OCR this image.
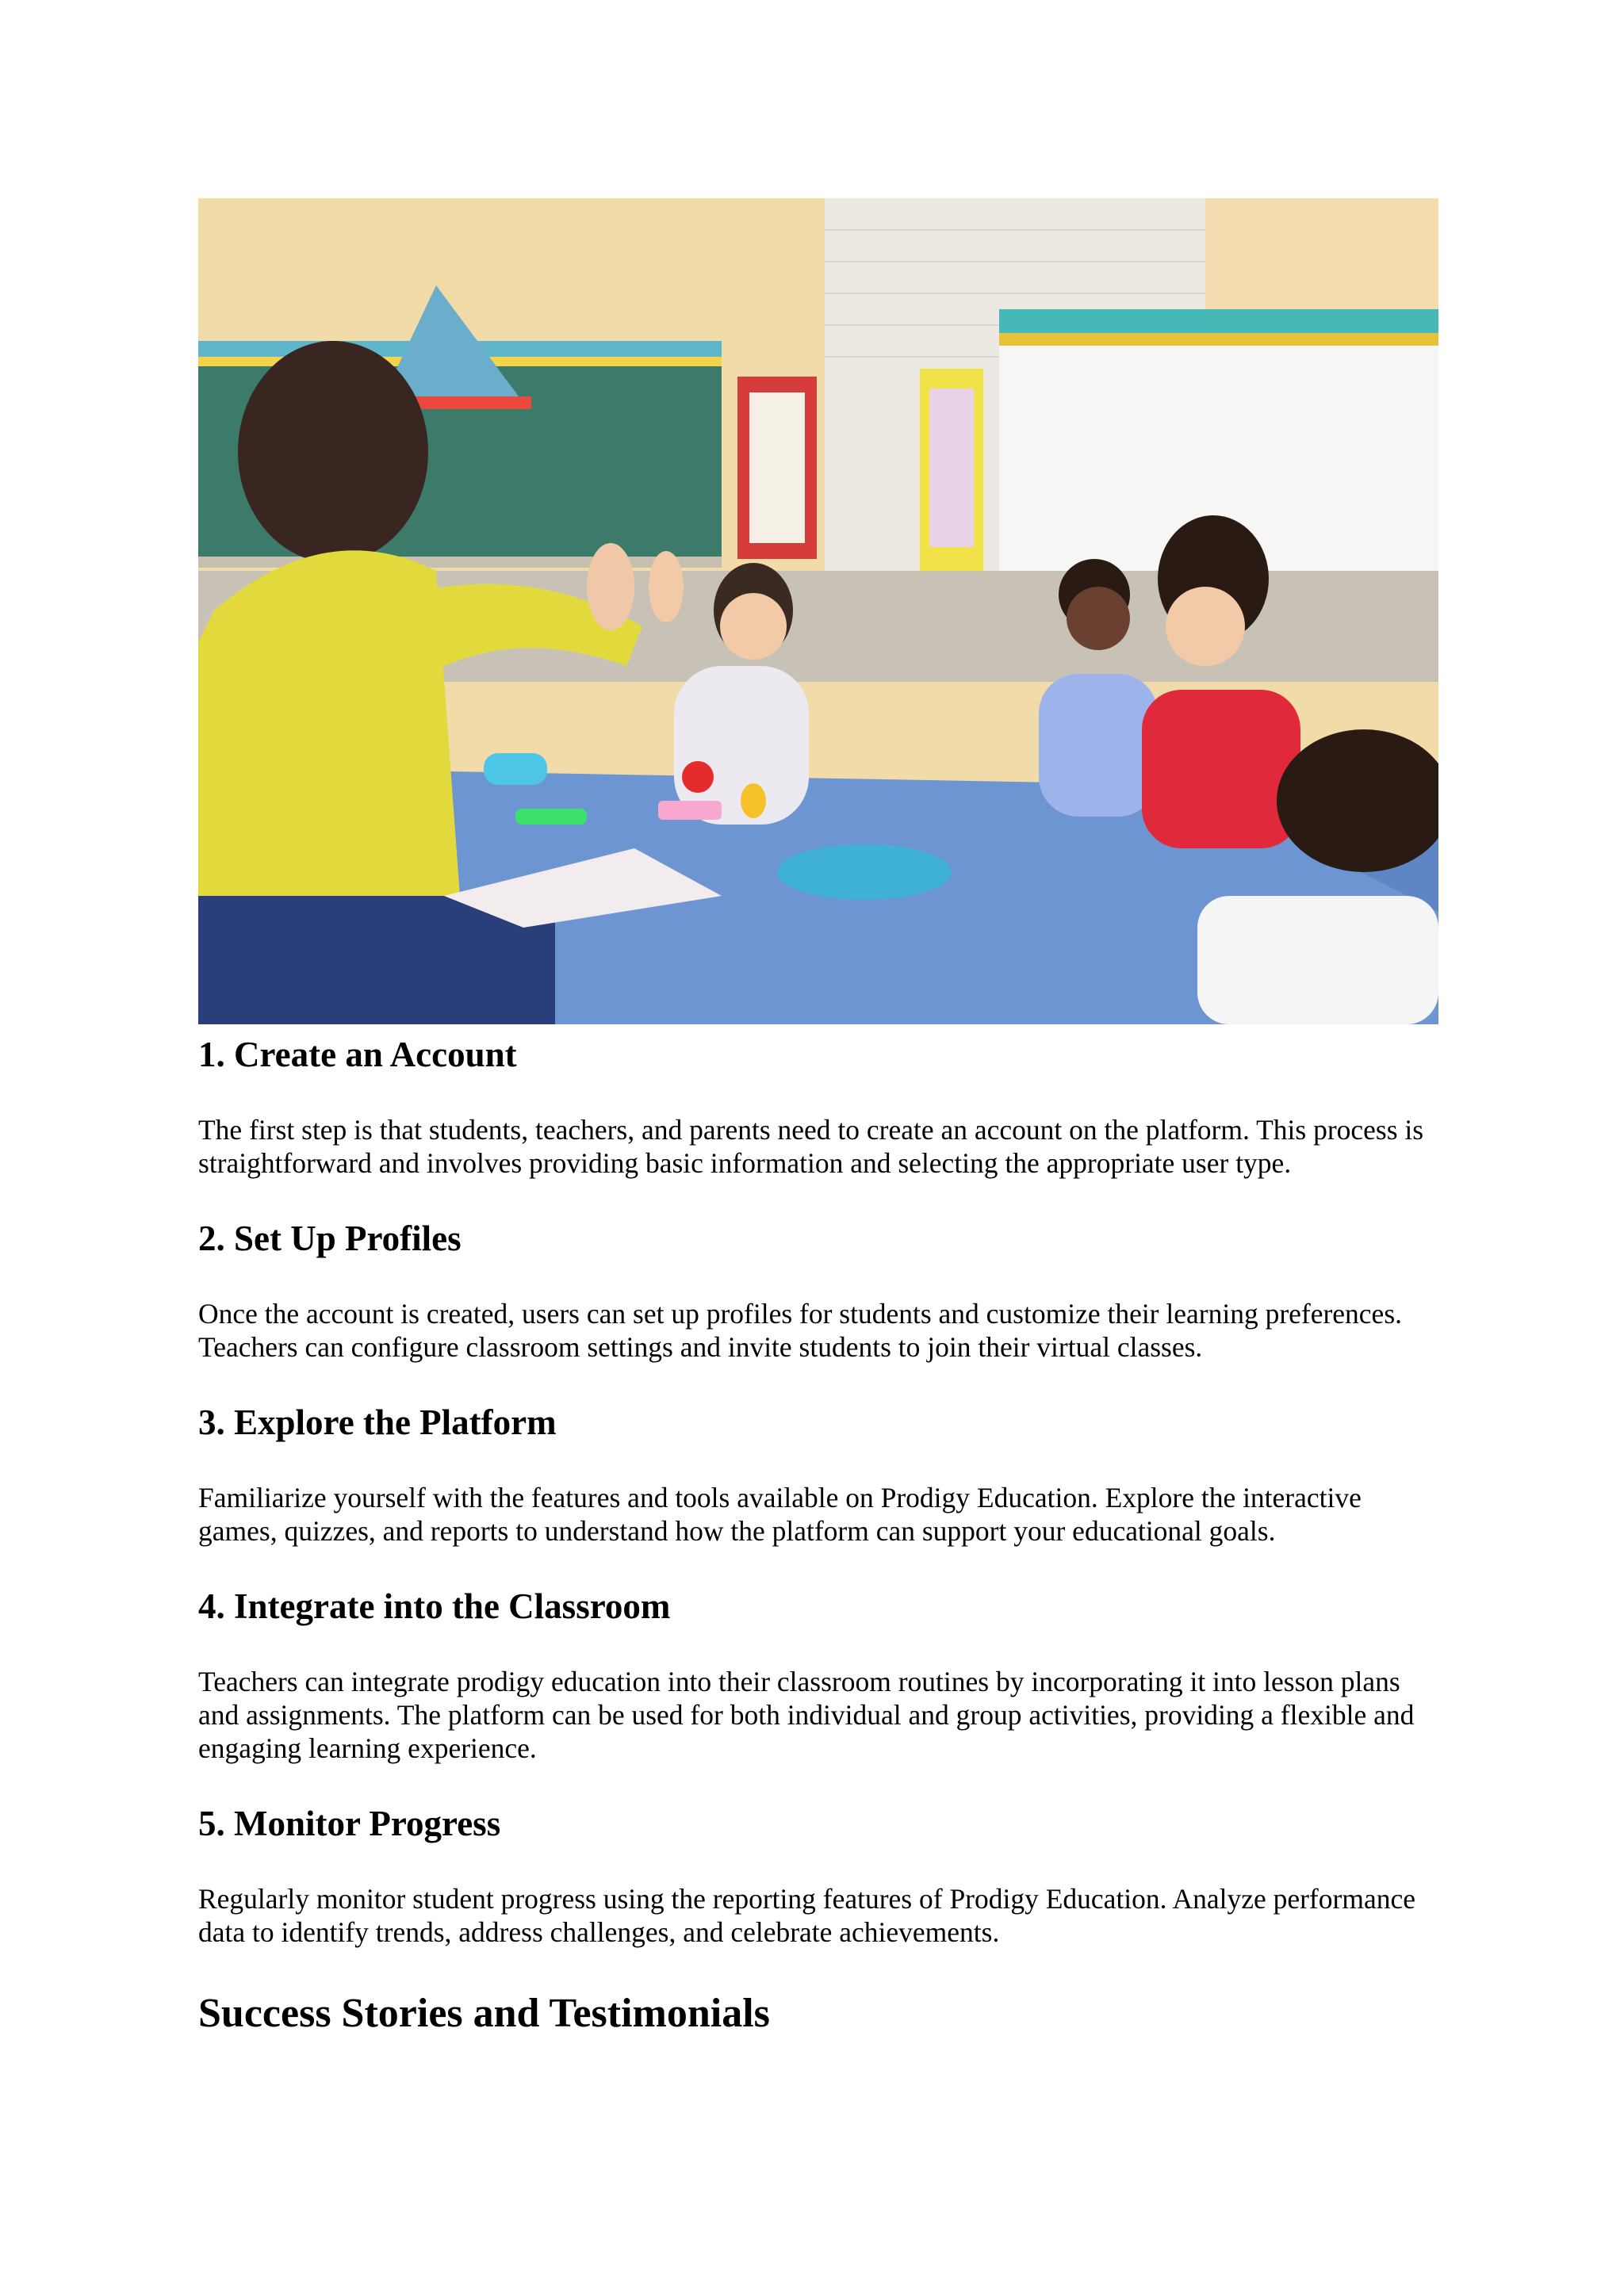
1. Create an Account

The first step is that students, teachers, and parents need to create an account on the platform. This process is straightforward and involves providing basic information and selecting the appropriate user type.

2. Set Up Profiles

Once the account is created, users can set up profiles for students and customize their learning preferences. Teachers can configure classroom settings and invite students to join their virtual classes.

3. Explore the Platform

Familiarize yourself with the features and tools available on Prodigy Education. Explore the interactive games, quizzes, and reports to understand how the platform can support your educational goals.

4. Integrate into the Classroom

Teachers can integrate prodigy education into their classroom routines by incorporating it into lesson plans and assignments. The platform can be used for both individual and group activities, providing a flexible and engaging learning experience.

5. Monitor Progress

Regularly monitor student progress using the reporting features of Prodigy Education. Analyze performance data to identify trends, address challenges, and celebrate achievements.

Success Stories and Testimonials
